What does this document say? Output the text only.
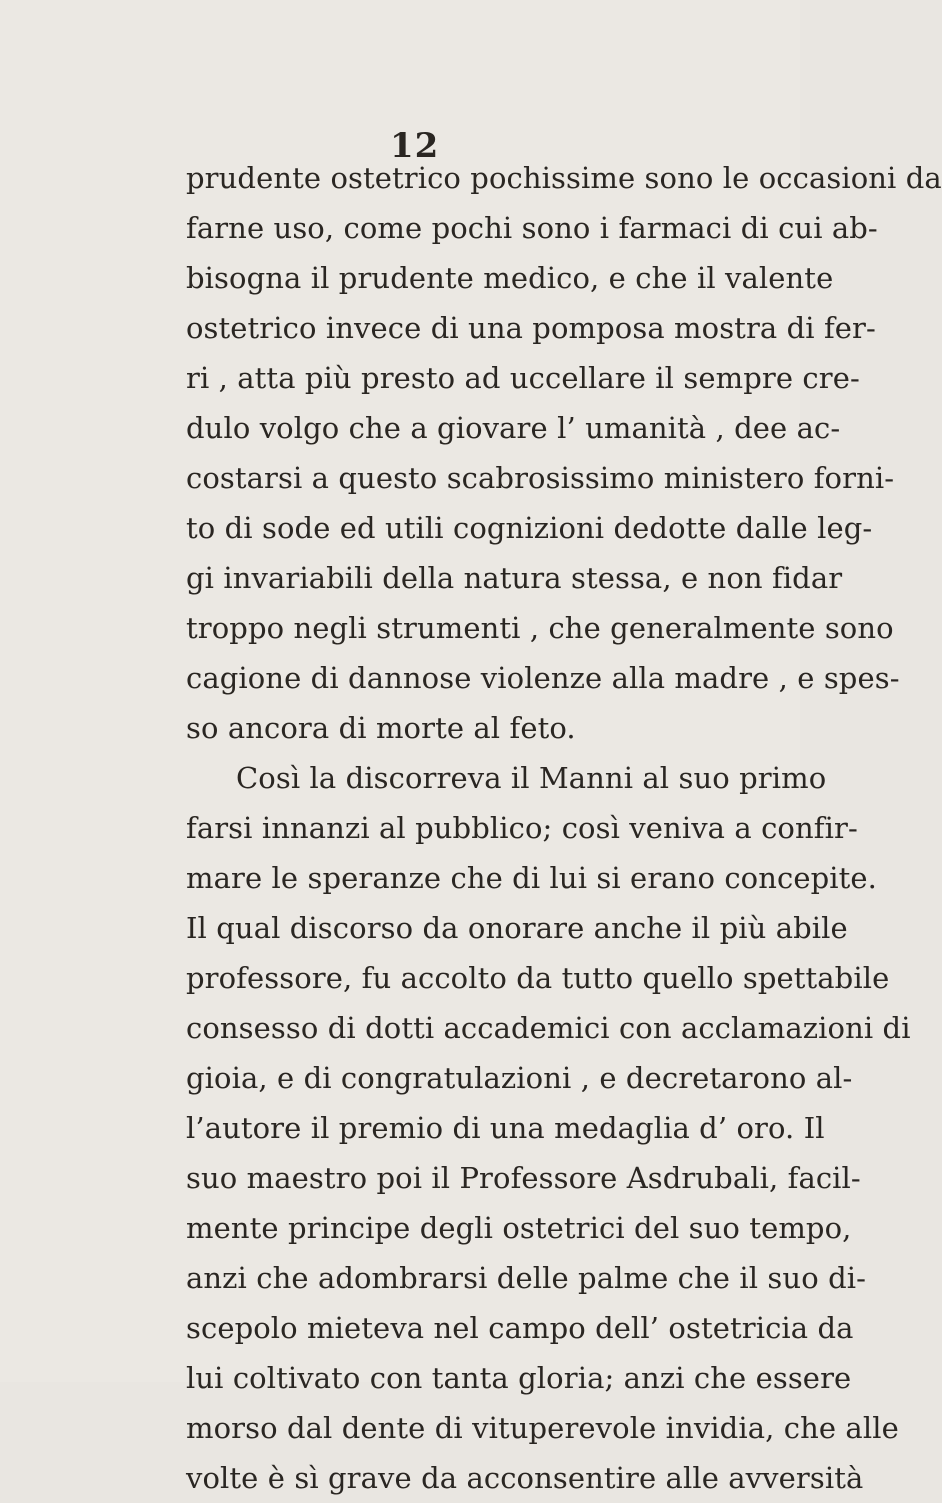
12
prudente ostetrico pochissime sono le occasioni da
farne uso, come pochi sono i farmaci di cui ab-
bisogna il prudente medico, e che il valente
ostetrico invece di una pomposa mostra di fer-
ri , atta più presto ad uccellare il sempre cre-
dulo volgo che a giovare l’ umanità , dee ac-
costarsi a questo scabrosissimo ministero forni-
to di sode ed utili cognizioni dedotte dalle leg-
gi invariabili della natura stessa, e non fidar
troppo negli strumenti , che generalmente sono
cagione di dannose violenze alla madre , e spes-
so ancora di morte al feto.
Così la discorreva il Manni al suo primo
farsi innanzi al pubblico; così veniva a confir-
mare le speranze che di lui si erano concepite.
Il qual discorso da onorare anche il più abile
professore, fu accolto da tutto quello spettabile
consesso di dotti accademici con acclamazioni di
gioia, e di congratulazioni , e decretarono al-
l’autore il premio di una medaglia d’ oro. Il
suo maestro poi il Professore Asdrubali, facil-
mente principe degli ostetrici del suo tempo,
anzi che adombrarsi delle palme che il suo di-
scepolo mieteva nel campo dell’ ostetricia da
lui coltivato con tanta gloria; anzi che essere
morso dal dente di vituperevole invidia, che alle
volte è sì grave da acconsentire alle avversità
